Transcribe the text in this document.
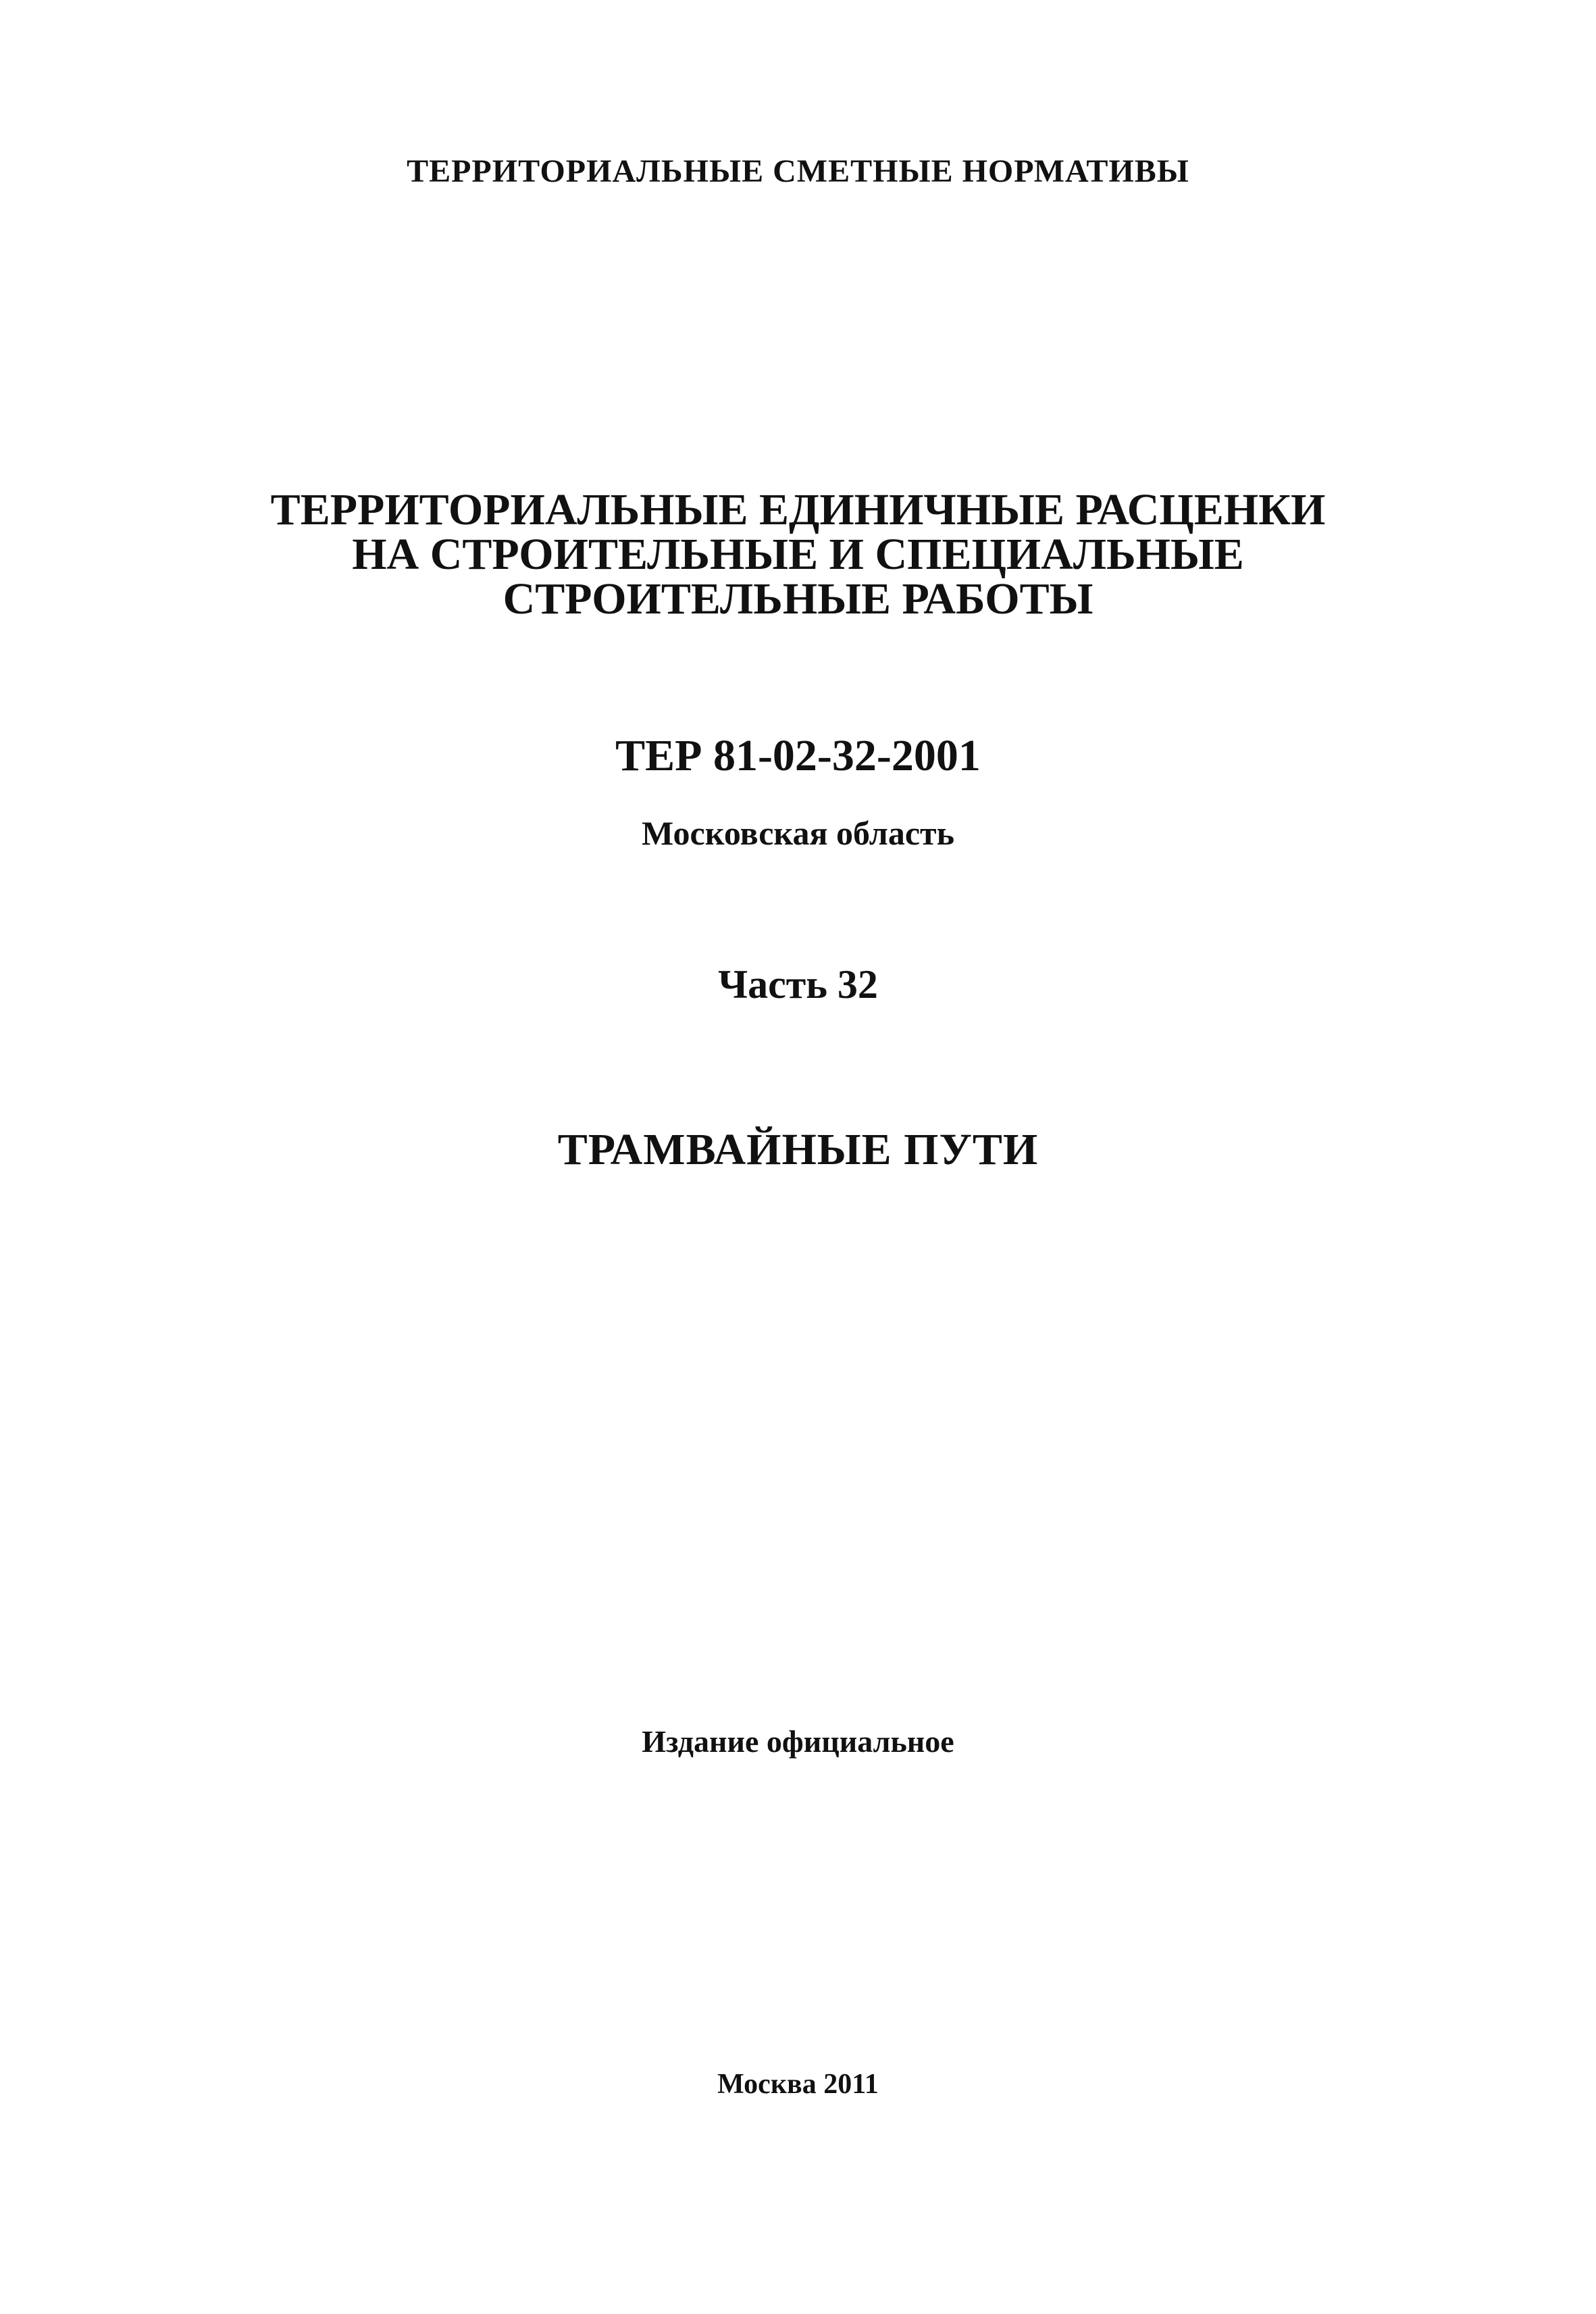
ТЕРРИТОРИАЛЬНЫЕ СМЕТНЫЕ НОРМАТИВЫ
ТЕРРИТОРИАЛЬНЫЕ ЕДИНИЧНЫЕ РАСЦЕНКИ
НА СТРОИТЕЛЬНЫЕ И СПЕЦИАЛЬНЫЕ
СТРОИТЕЛЬНЫЕ РАБОТЫ
ТЕР 81-02-32-2001
Московская область
Часть 32
ТРАМВАЙНЫЕ ПУТИ
Издание официальное
Москва 2011
